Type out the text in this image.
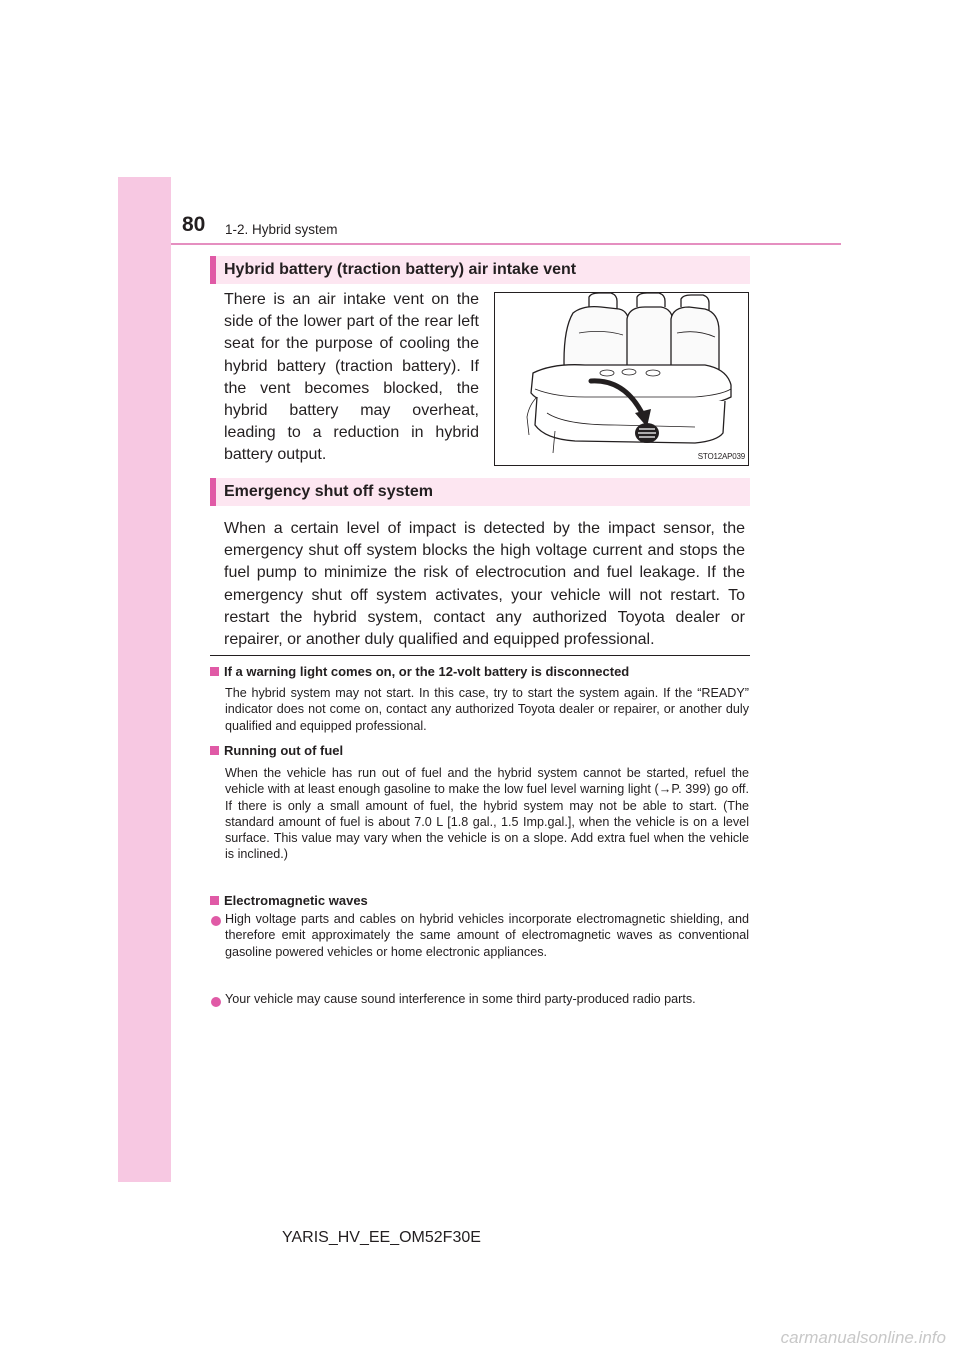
80 1-2. Hybrid system
Hybrid battery (traction battery) air intake vent

There is an air intake vent on the side of the lower part of the rear left seat for the purpose of cooling the hybrid battery (traction battery). If the vent becomes blocked, the hybrid battery may overheat, leading to a reduction in hybrid battery output.	STO12AP039
Emergency shut off system

When a certain level of impact is detected by the impact sensor, the emergency shut off system blocks the high voltage current and stops the fuel pump to minimize the risk of electrocution and fuel leakage. If the emergency shut off system activates, your vehicle will not restart. To restart the hybrid system, contact any authorized Toyota dealer or repairer, or another duly qualified and equipped professional.

If a warning light comes on, or the 12-volt battery is disconnected

The hybrid system may not start. In this case, try to start the system again. If the “READY” indicator does not come on, contact any authorized Toyota dealer or repairer, or another duly qualified and equipped professional.

Running out of fuel

When the vehicle has run out of fuel and the hybrid system cannot be started, refuel the vehicle with at least enough gasoline to make the low fuel level warning light (→P. 399) go off. If there is only a small amount of fuel, the hybrid system may not be able to start. (The standard amount of fuel is about 7.0 L [1.8 gal., 1.5 Imp.gal.], when the vehicle is on a level surface. This value may vary when the vehicle is on a slope. Add extra fuel when the vehicle is inclined.)

Electromagnetic waves

High voltage parts and cables on hybrid vehicles incorporate electromagnetic shielding, and therefore emit approximately the same amount of electromagnetic waves as conventional gasoline powered vehicles or home electronic appliances.

Your vehicle may cause sound interference in some third party-produced radio parts.

YARIS_HV_EE_OM52F30E
carmanualsonline.info
